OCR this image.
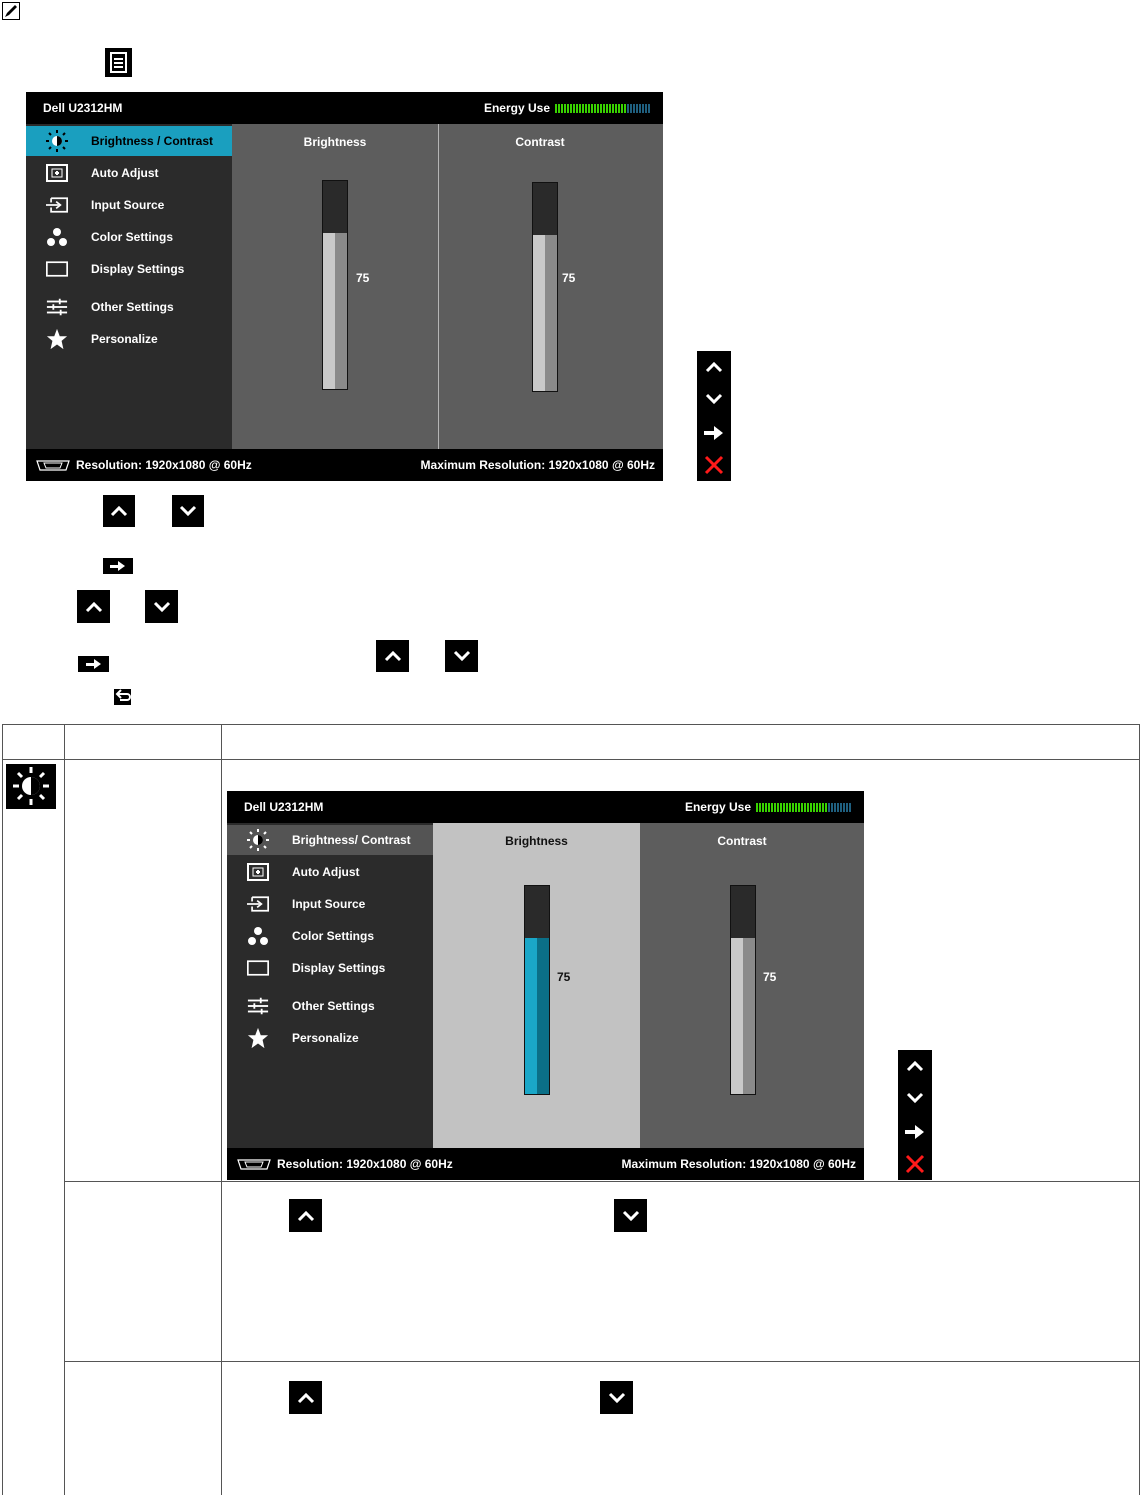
Dell U2312HM	Energy Use
Brightness / Contrast
Auto Adjust
Input Source
Color Settings
Display Settings
Other Settings
Personalize
Brightness
75
Contrast
75
Resolution: 1920x1080 @ 60Hz	Maximum Resolution: 1920x1080 @ 60Hz
Dell U2312HM	Energy Use
Brightness/ Contrast
Auto Adjust
Input Source
Color Settings
Display Settings
Other Settings
Personalize
Brightness
75
Contrast
75
Resolution: 1920x1080 @ 60Hz	Maximum Resolution: 1920x1080 @ 60Hz
